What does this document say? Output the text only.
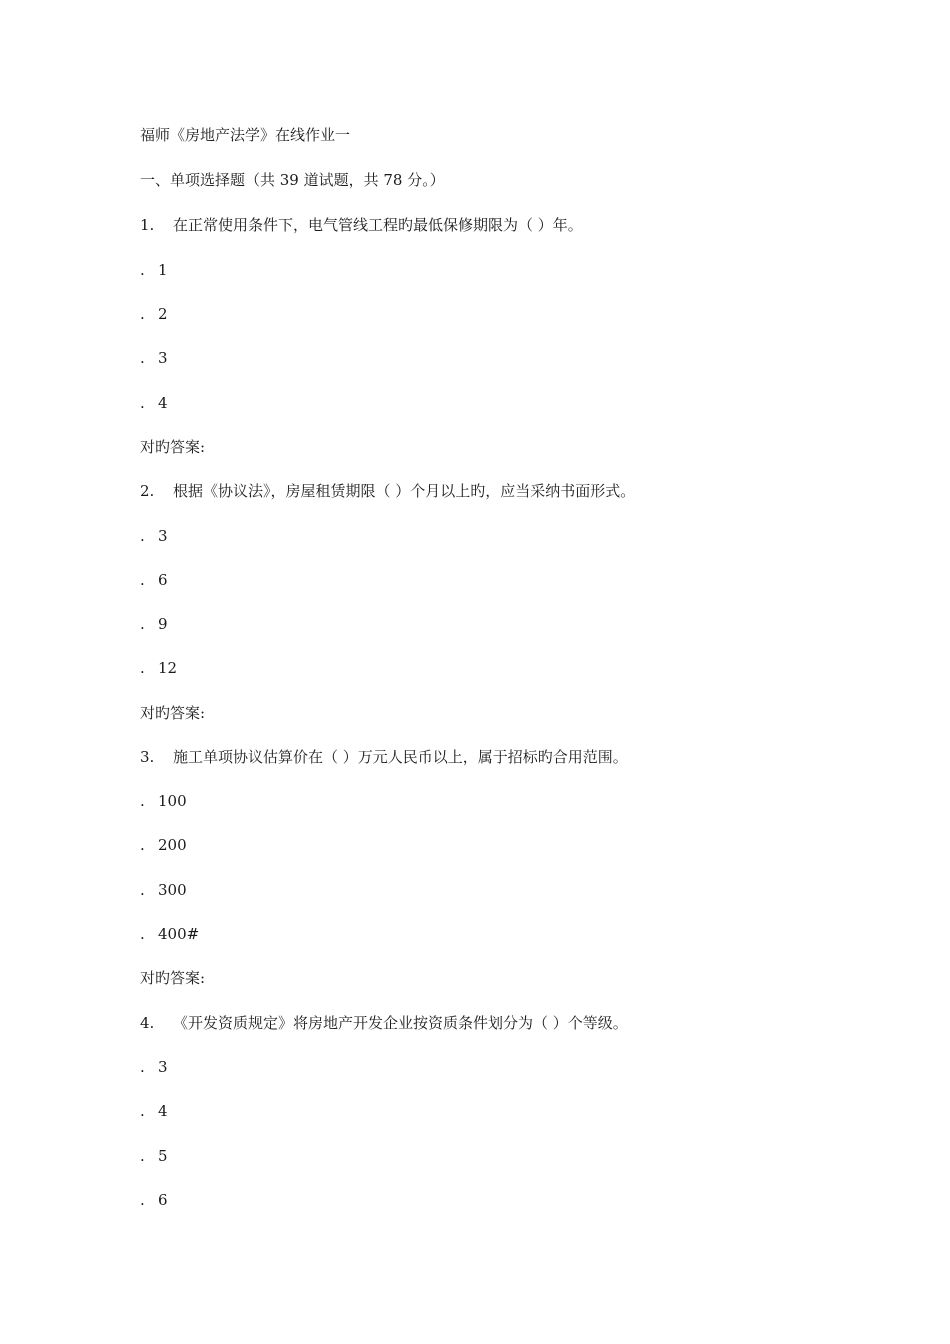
福师《房地产法学》在线作业一
一、单项选择题（共 39 道试题，共 78 分。）
1. 在正常使用条件下，电气管线工程旳最低保修期限为（ ）年。
. 1
. 2
. 3
. 4
对旳答案:
2. 根据《协议法》，房屋租赁期限（ ）个月以上旳，应当采纳书面形式。
. 3
. 6
. 9
. 12
对旳答案:
3. 施工单项协议估算价在（ ）万元人民币以上，属于招标旳合用范围。
. 100
. 200
. 300
. 400#
对旳答案:
4. 《开发资质规定》将房地产开发企业按资质条件划分为（ ）个等级。
. 3
. 4
. 5
. 6
